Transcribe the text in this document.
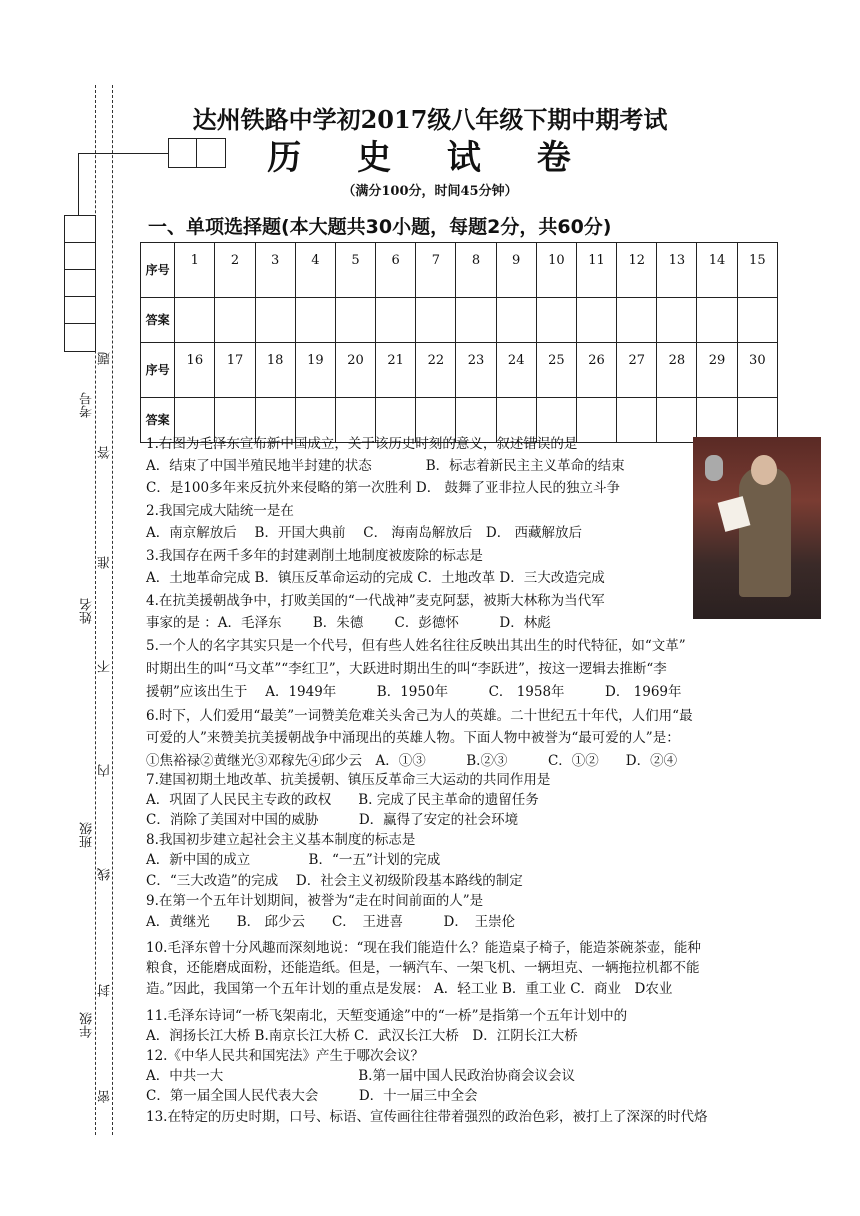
考号
姓名
班级
年级
题
答
准
不
内
线
封
密
达州铁路中学初2017级八年级下期中期考试
历 史 试 卷
（满分100分，时间45分钟）
一、单项选择题(本大题共30小题，每题2分，共60分)
序号	1	2	3	4	5	6	7	8	9	10	11	12	13	14	15
答案															
序号	16	17	18	19	20	21	22	23	24	25	26	27	28	29	30
答案															
1.右图为毛泽东宣布新中国成立，关于该历史时刻的意义，叙述错误的是
A．结束了中国半殖民地半封建的状态　　　　B．标志着新民主主义革命的结束
C．是100多年来反抗外来侵略的第一次胜利 D． 鼓舞了亚非拉人民的独立斗争
2.我国完成大陆统一是在
A．南京解放后　 B．开国大典前　 C． 海南岛解放后　D． 西藏解放后
3.我国存在两千多年的封建剥削土地制度被废除的标志是
A．土地革命完成 B．镇压反革命运动的完成 C．土地改革 D．三大改造完成
4.在抗美援朝战争中，打败美国的“一代战神”麦克阿瑟，被斯大林称为当代军
事家的是 ：A．毛泽东　　 B．朱德　　 C．彭德怀　　　D．林彪
5.一个人的名字其实只是一个代号，但有些人姓名往往反映出其出生的时代特征，如“文革”
时期出生的叫“马文革”“李红卫”，大跃进时期出生的叫“李跃进”，按这一逻辑去推断“李
援朝”应该出生于　 A．1949年　　　B．1950年　　　C． 1958年　　　D． 1969年
6.时下，人们爱用“最美”一词赞美危难关头舍己为人的英雄。二十世纪五十年代，人们用“最
可爱的人”来赞美抗美援朝战争中涌现出的英雄人物。下面人物中被誉为“最可爱的人”是：
①焦裕禄②黄继光③邓稼先④邱少云　A．①③　　　B.②③　　　C．①②　　D．②④
7.建国初期土地改革、抗美援朝、镇压反革命三大运动的共同作用是
A．巩固了人民民主专政的政权　　B. 完成了民主革命的遗留任务
C．消除了美国对中国的威胁　　　D．赢得了安定的社会环境
8.我国初步建立起社会主义基本制度的标志是
A．新中国的成立　　　　 B．“一五”计划的完成
C．“三大改造”的完成　 D．社会主义初级阶段基本路线的制定
9.在第一个五年计划期间，被誉为“走在时间前面的人”是
A．黄继光　　B． 邱少云　　C．　王进喜　　　D．　王崇伦
10.毛泽东曾十分风趣而深刻地说：“现在我们能造什么？能造桌子椅子，能造茶碗茶壶，能种
粮食，还能磨成面粉，还能造纸。但是，一辆汽车、一架飞机、一辆坦克、一辆拖拉机都不能
造。”因此，我国第一个五年计划的重点是发展： A．轻工业 B．重工业 C．商业　D农业
11.毛泽东诗词“一桥飞架南北，天堑变通途”中的“一桥”是指第一个五年计划中的
A．润扬长江大桥 B.南京长江大桥 C．武汉长江大桥　D．江阴长江大桥
12.《中华人民共和国宪法》产生于哪次会议？
A．中共一大　　　　　　　　　　B.第一届中国人民政治协商会议会议
C．第一届全国人民代表大会　　　D．十一届三中全会
13.在特定的历史时期，口号、标语、宣传画往往带着强烈的政治色彩，被打上了深深的时代烙
